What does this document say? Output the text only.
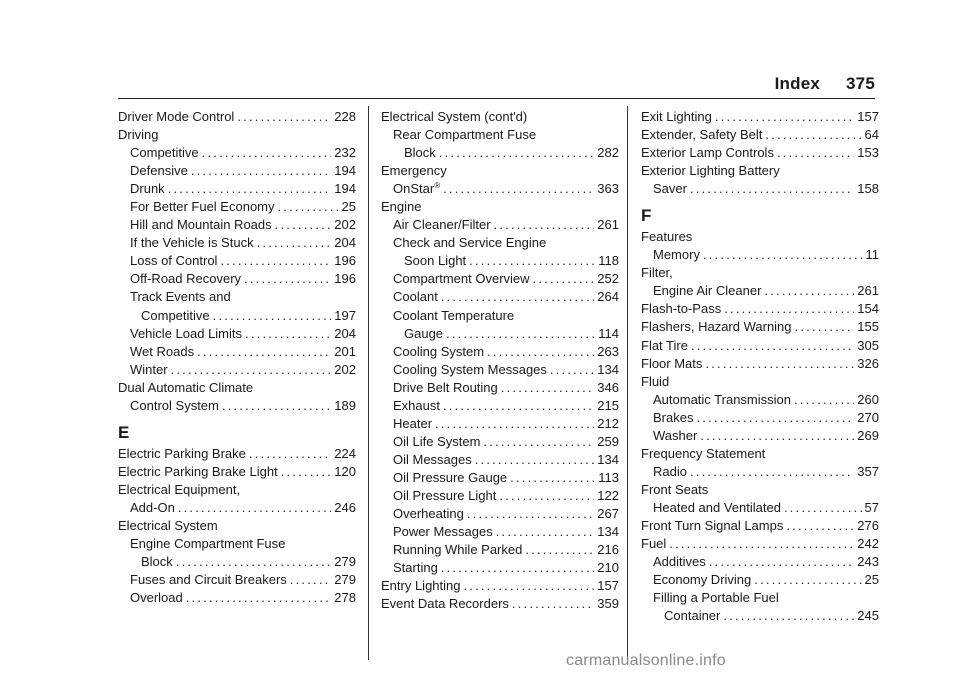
Index 375
Driver Mode Control .....	228
Driving
Competitive .....	232
Defensive .....	194
Drunk .....	194
For Better Fuel Economy .....	25
Hill and Mountain Roads .....	202
If the Vehicle is Stuck .....	204
Loss of Control .....	196
Off-Road Recovery .....	196
Track Events and
Competitive .....	197
Vehicle Load Limits .....	204
Wet Roads .....	201
Winter .....	202
Dual Automatic Climate
Control System .....	189
E
Electric Parking Brake .....	224
Electric Parking Brake Light .....	120
Electrical Equipment,
Add-On .....	246
Electrical System
Engine Compartment Fuse
Block .....	279
Fuses and Circuit Breakers .....	279
Overload .....	278
Electrical System (cont'd)
Rear Compartment Fuse
Block .....	282
Emergency
OnStar® .....	363
Engine
Air Cleaner/Filter .....	261
Check and Service Engine
Soon Light .....	118
Compartment Overview .....	252
Coolant .....	264
Coolant Temperature
Gauge .....	114
Cooling System .....	263
Cooling System Messages .....	134
Drive Belt Routing .....	346
Exhaust .....	215
Heater .....	212
Oil Life System .....	259
Oil Messages .....	134
Oil Pressure Gauge .....	113
Oil Pressure Light .....	122
Overheating .....	267
Power Messages .....	134
Running While Parked .....	216
Starting .....	210
Entry Lighting .....	157
Event Data Recorders .....	359
Exit Lighting .....	157
Extender, Safety Belt .....	64
Exterior Lamp Controls .....	153
Exterior Lighting Battery
Saver .....	158
F
Features
Memory .....	11
Filter,
Engine Air Cleaner .....	261
Flash-to-Pass .....	154
Flashers, Hazard Warning .....	155
Flat Tire .....	305
Floor Mats .....	326
Fluid
Automatic Transmission .....	260
Brakes .....	270
Washer .....	269
Frequency Statement
Radio .....	357
Front Seats
Heated and Ventilated .....	57
Front Turn Signal Lamps .....	276
Fuel .....	242
Additives .....	243
Economy Driving .....	25
Filling a Portable Fuel
Container .....	245
carmanualsonline.info
